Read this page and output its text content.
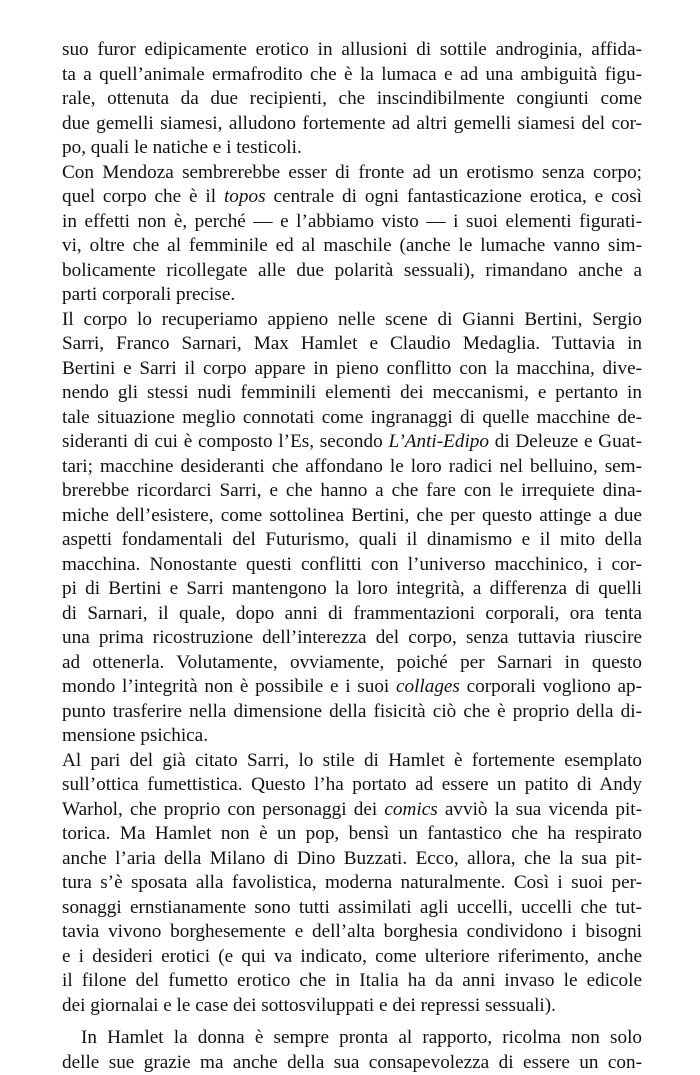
suo furor edipicamente erotico in allusioni di sottile androginia, affida-
ta a quell’animale ermafrodito che è la lumaca e ad una ambiguità figu-
rale, ottenuta da due recipienti, che inscindibilmente congiunti come
due gemelli siamesi, alludono fortemente ad altri gemelli siamesi del cor-
po, quali le natiche e i testicoli.
Con Mendoza sembrerebbe esser di fronte ad un erotismo senza corpo;
quel corpo che è il topos centrale di ogni fantasticazione erotica, e così
in effetti non è, perché — e l’abbiamo visto — i suoi elementi figurati-
vi, oltre che al femminile ed al maschile (anche le lumache vanno sim-
bolicamente ricollegate alle due polarità sessuali), rimandano anche a
parti corporali precise.
Il corpo lo recuperiamo appieno nelle scene di Gianni Bertini, Sergio
Sarri, Franco Sarnari, Max Hamlet e Claudio Medaglia. Tuttavia in
Bertini e Sarri il corpo appare in pieno conflitto con la macchina, dive-
nendo gli stessi nudi femminili elementi dei meccanismi, e pertanto in
tale situazione meglio connotati come ingranaggi di quelle macchine de-
sideranti di cui è composto l’Es, secondo L’Anti-Edipo di Deleuze e Guat-
tari; macchine desideranti che affondano le loro radici nel belluino, sem-
brerebbe ricordarci Sarri, e che hanno a che fare con le irrequiete dina-
miche dell’esistere, come sottolinea Bertini, che per questo attinge a due
aspetti fondamentali del Futurismo, quali il dinamismo e il mito della
macchina. Nonostante questi conflitti con l’universo macchinico, i cor-
pi di Bertini e Sarri mantengono la loro integrità, a differenza di quelli
di Sarnari, il quale, dopo anni di frammentazioni corporali, ora tenta
una prima ricostruzione dell’interezza del corpo, senza tuttavia riuscire
ad ottenerla. Volutamente, ovviamente, poiché per Sarnari in questo
mondo l’integrità non è possibile e i suoi collages corporali vogliono ap-
punto trasferire nella dimensione della fisicità ciò che è proprio della di-
mensione psichica.
Al pari del già citato Sarri, lo stile di Hamlet è fortemente esemplato
sull’ottica fumettistica. Questo l’ha portato ad essere un patito di Andy
Warhol, che proprio con personaggi dei comics avviò la sua vicenda pit-
torica. Ma Hamlet non è un pop, bensì un fantastico che ha respirato
anche l’aria della Milano di Dino Buzzati. Ecco, allora, che la sua pit-
tura s’è sposata alla favolistica, moderna naturalmente. Così i suoi per-
sonaggi ernstianamente sono tutti assimilati agli uccelli, uccelli che tut-
tavia vivono borghesemente e dell’alta borghesia condividono i bisogni
e i desideri erotici (e qui va indicato, come ulteriore riferimento, anche
il filone del fumetto erotico che in Italia ha da anni invaso le edicole
dei giornalai e le case dei sottosviluppati e dei repressi sessuali).
In Hamlet la donna è sempre pronta al rapporto, ricolma non solo
delle sue grazie ma anche della sua consapevolezza di essere un con-
